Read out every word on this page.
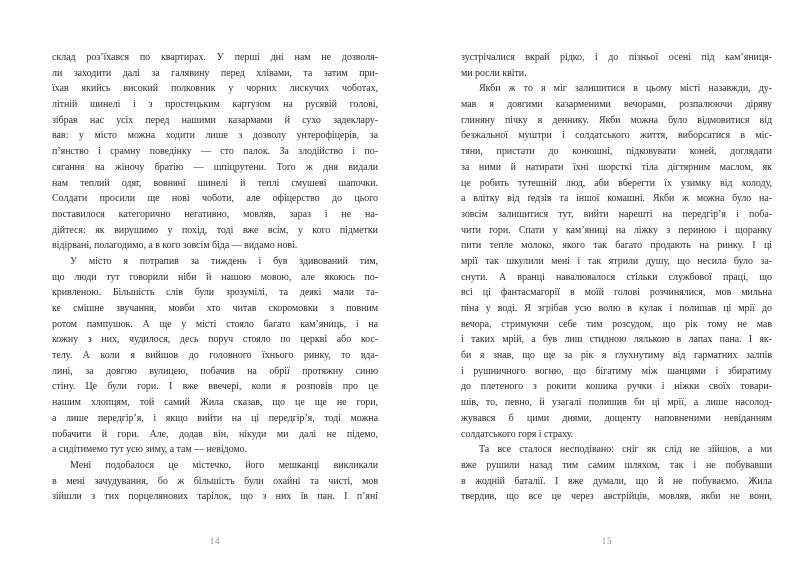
склад роз’їхався по квартирах. У перші дні нам не дозволя-
ли заходити далі за галявину перед хлівами, та затим при-
їхав якийсь високий полковник у чорних лискучих чоботах,
літній шинелі і з простецьким картузом на русявій голові,
зібрав нас усіх перед нашими казармами й сухо задеклару-
вав: у місто можна ходити лише з дозволу унтерофіцерів, за
п’янство і срамну поведінку — сто палок. За злодійство і по-
сягання на жіночу братію — шпіцрутени. Того ж дня видали
нам теплий одяг, вовняні шинелі й теплі смушеві шапочки.
Солдати просили ще нові чоботи, але офіцерство до цього
поставилося категорично негативно, мовляв, зараз і не на-
дійтеся: як вирушимо у похід, тоді вже всім, у кого підметки
відірвані, полагодимо, а в кого зовсім біда — видамо нові.
У місто я потрапив за тиждень і був здивований тим,
що люди тут говорили ніби й нашою мовою, але якоюсь по-
кривленою. Більшість слів були зрозумілі, та деякі мали та-
ке смішне звучання, мовби хто читав скоромовки з повним
ротом пампушок. А ще у місті стояло багато кам’яниць, і на
кожну з них, чудилося, десь поруч стояло по церкві або кос-
телу. А коли я вийшов до головного їхнього ринку, то вда-
лині, за довгою вулицею, побачив на обрії протяжну синю
стіну. Це були гори. І вже ввечері, коли я розповів про це
нашим хлопцям, той самий Жила сказав, що це ще не гори,
а лише передгір’я, і якщо вийти на ці передгір’я, тоді можна
побачити й гори. Але, додав він, нікуди ми далі не підемо,
а сидітимемо тут усю зиму, а там — невідомо.
Мені подобалося це містечко, його мешканці викликали
в мені зачудування, бо ж більшість були охайні та чисті, мов
зійшли з тих порцелянових тарілок, що з них їв пан. І п’яні
14
зустрічалися вкрай рідко, і до пізньої осені під кам’яниця-
ми росли квіти.
Якби ж то я міг залишитися в цьому місті назавжди, ду-
мав я довгими казарменими вечорами, розпалюючи діряву
глиняну пічку в деннику. Якби можна було відмовитися від
безжальної муштри і солдатського життя, виборсатися в міс-
тяни, пристати до конюшні, підковувати коней, доглядати
за ними й натирати їхні шорсткі тіла дігтярним маслом, як
це робить тутешній люд, аби вберегти їх узимку від холоду,
а влітку від ґедзів та іншої комашні. Якби ж можна було на-
зовсім залишитися тут, вийти нарешті на передгір’я і поба-
чити гори. Спати у кам’яниці на ліжку з периною і щоранку
пити тепле молоко, якого так багато продають на ринку. І ці
мрії так шкулили мені і так ятрили душу, що несила було за-
снути. А вранці навалювалося стільки службової праці, що
всі ці фантасмагорії в моїй голові розчинялися, мов мильна
піна у воді. Я згрібав усю волю в кулак і полишав ці мрії до
вечора, стримуючи себе тим розсудом, що рік тому не мав
і таких мрій, а був лиш стидною лялькою в лапах пана. І як-
би я знав, що ще за рік я глухнутиму від гарматних залпів
і рушничного вогню, що бігатиму між шанцями і збиратиму
до плетеного з рокити кошика ручки і ніжки своїх товари-
шів, то, певно, й узагалі полишив би ці мрії, а лише насолод-
жувався б цими днями, дощенту наповненими невіданням
солдатського горя і страху.
Та все сталося несподівано: сніг як слід не зійшов, а ми
вже рушили назад тим самим шляхом, так і не побувавши
в жодній баталії. І вже думали, що й не побуваємо. Жила
твердив, що все це через австрійців, мовляв, якби не вони,
15
